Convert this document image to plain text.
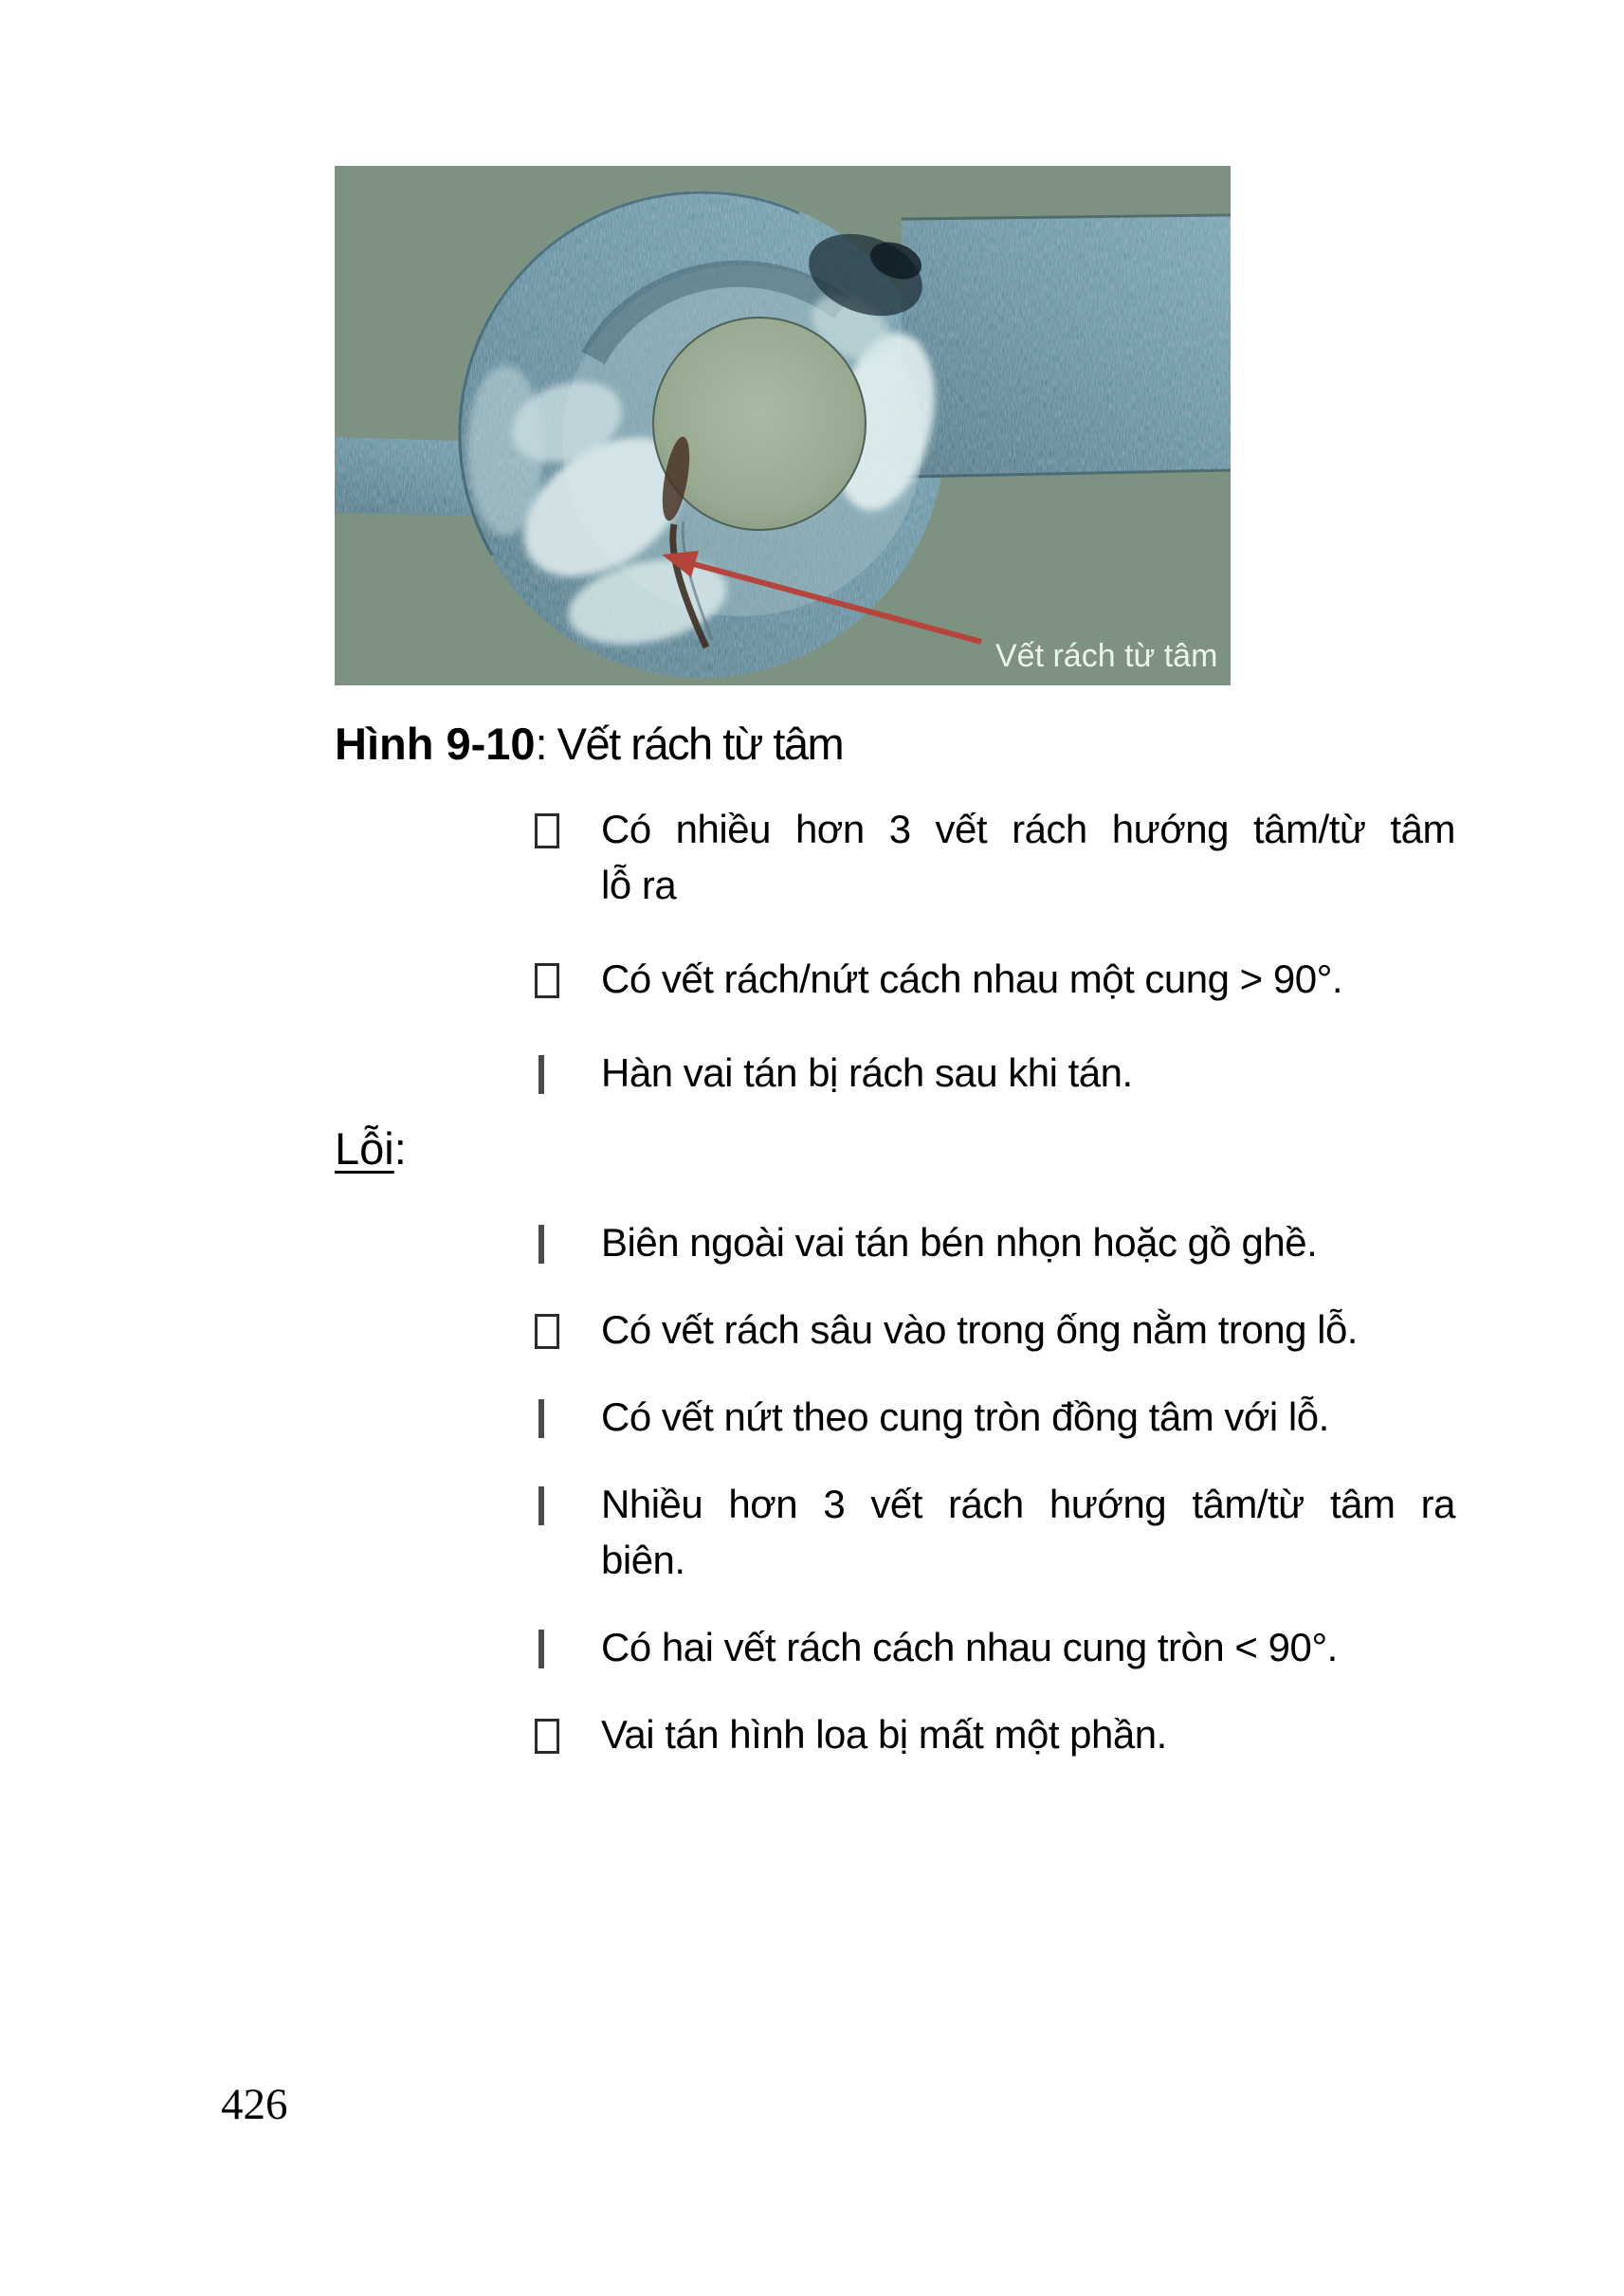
Vết rách từ tâm
Hình 9-10: Vết rách từ tâm
Có nhiều hơn 3 vết rách hướng tâm/từ tâm
lỗ ra
Có vết rách/nứt cách nhau một cung > 90°.
Hàn vai tán bị rách sau khi tán.
Lỗi:
Biên ngoài vai tán bén nhọn hoặc gồ ghề.
Có vết rách sâu vào trong ống nằm trong lỗ.
Có vết nứt theo cung tròn đồng tâm với lỗ.
Nhiều hơn 3 vết rách hướng tâm/từ tâm ra
biên.
Có hai vết rách cách nhau cung tròn < 90°.
Vai tán hình loa bị mất một phần.
426
